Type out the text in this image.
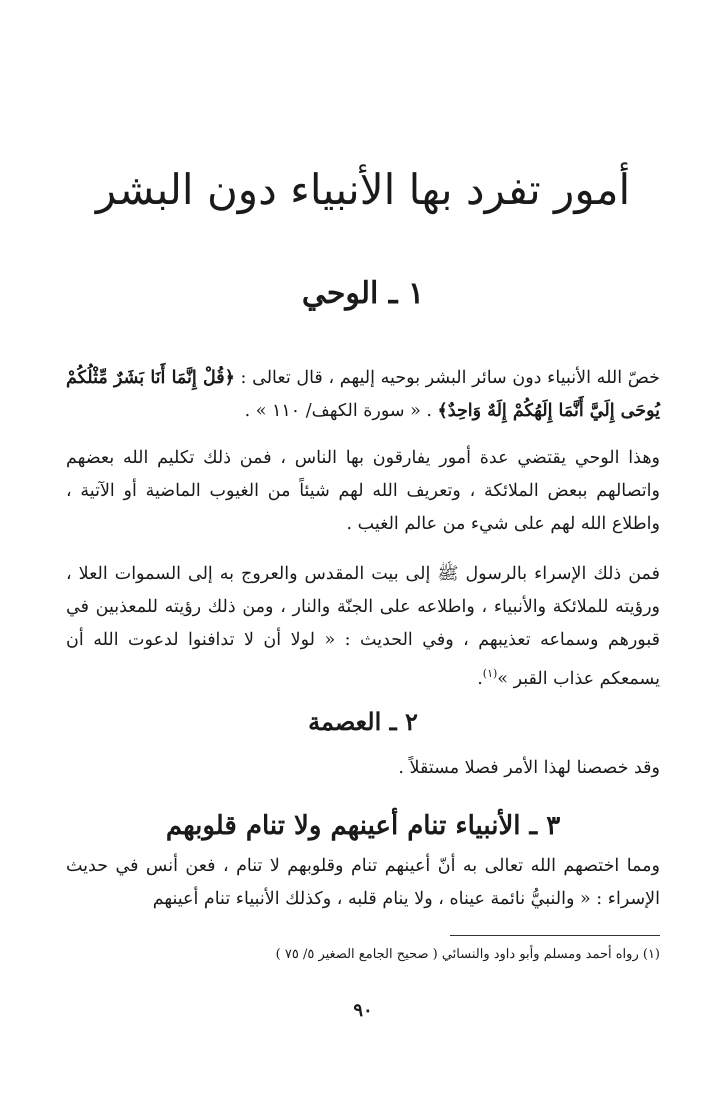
أمور تفرد بها الأنبياء دون البشر
١ ـ الوحي
خصّ الله الأنبياء دون سائر البشر بوحيه إليهم ، قال تعالى : ﴿قُلْ إِنَّمَا أَنَا بَشَرٌ مِّثْلُكُمْ يُوحَى إِلَيَّ أَنَّمَا إِلَهُكُمْ إِلَهٌ وَاحِدٌ﴾ . « سورة الكهف/ ١١٠ » .
وهذا الوحي يقتضي عدة أمور يفارقون بها الناس ، فمن ذلك تكليم الله بعضهم واتصالهم ببعض الملائكة ، وتعريف الله لهم شيئاً من الغيوب الماضية أو الآتية ، واطلاع الله لهم على شيء من عالم الغيب .
فمن ذلك الإسراء بالرسول ﷺ إلى بيت المقدس والعروج به إلى السموات العلا ، ورؤيته للملائكة والأنبياء ، واطلاعه على الجنّة والنار ، ومن ذلك رؤيته للمعذبين في قبورهم وسماعه تعذيبهم ، وفي الحديث : « لولا أن لا تدافنوا لدعوت الله أن يسمعكم عذاب القبر »$^{(١)}$.
٢ ـ العصمة
وقد خصصنا لهذا الأمر فصلا مستقلاً .
٣ ـ الأنبياء تنام أعينهم ولا تنام قلوبهم
ومما اختصهم الله تعالى به أنّ أعينهم تنام وقلوبهم لا تنام ، فعن أنس في حديث الإسراء : « والنبيُّ نائمة عيناه ، ولا ينام قلبه ، وكذلك الأنبياء تنام أعينهم
(١) رواه أحمد ومسلم وأبو داود والنسائي ( صحيح الجامع الصغير ٥/ ٧٥ )
٩٠
